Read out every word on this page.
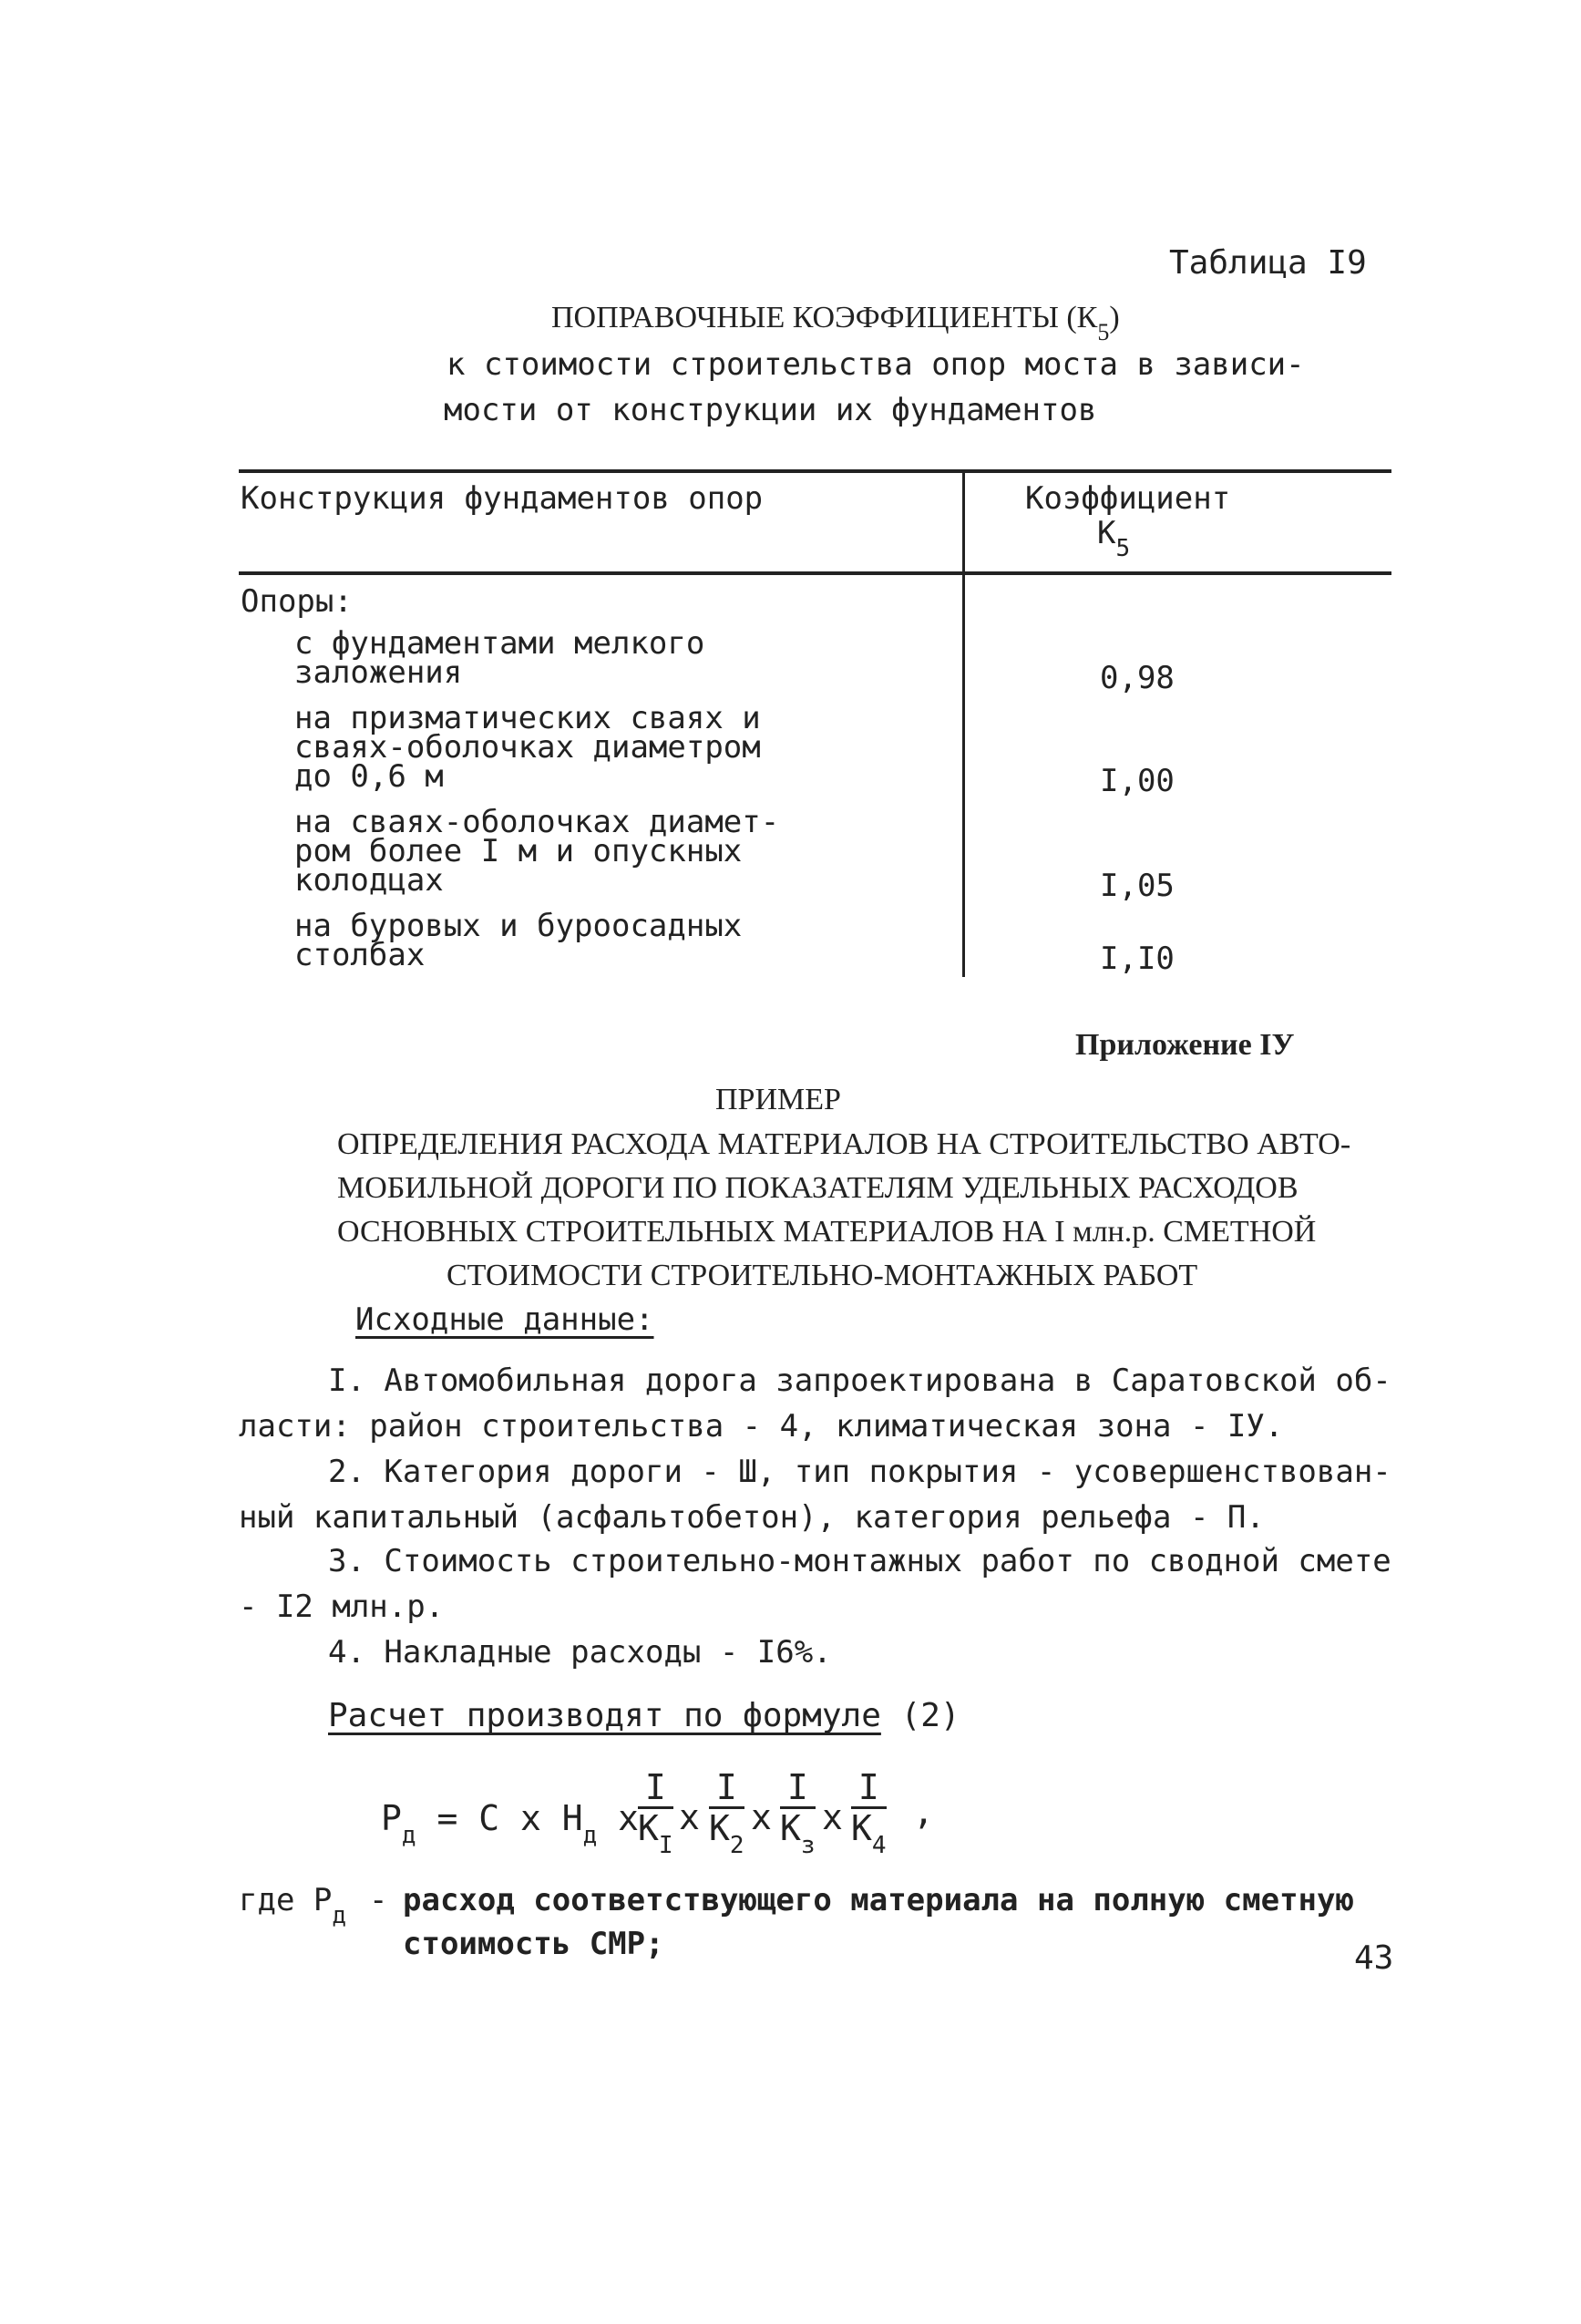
Таблица I9
ПОПРАВОЧНЫЕ КОЭФФИЦИЕНТЫ $(К_5)$
к стоимости строительства опор моста в зависи-
мости от конструкции их фундаментов
Конструкция фундаментов опор	Коэффициент
$К_5$
Опоры:
с фундаментами мелкого
заложения	0,98
на призматических сваях и
сваях-оболочках диаметром
до 0,6 м	I,00
на сваях-оболочках диамет-
ром более I м и опускных
колодцах	I,05
на буровых и буроосадных
столбах	I,I0
Приложение IУ
ПРИМЕР
ОПРЕДЕЛЕНИЯ РАСХОДА МАТЕРИАЛОВ НА СТРОИТЕЛЬСТВО АВТО-
МОБИЛЬНОЙ ДОРОГИ ПО ПОКАЗАТЕЛЯМ УДЕЛЬНЫХ РАСХОДОВ
ОСНОВНЫХ СТРОИТЕЛЬНЫХ МАТЕРИАЛОВ НА I млн.р. СМЕТНОЙ
СТОИМОСТИ СТРОИТЕЛЬНО-МОНТАЖНЫХ РАБОТ
Исходные данные:
I. Автомобильная дорога запроектирована в Саратовской об-
ласти: район строительства - 4, климатическая зона - IУ.
2. Категория дороги - Ш, тип покрытия - усовершенствован-
ный капитальный (асфальтобетон), категория рельефа - П.
3. Стоимость строительно-монтажных работ по сводной смете
- I2 млн.р.
4. Накладные расходы - I6%.
Расчет производят по формуле (2)
$Р_д = С$ х $Н_д$ х
I
$К_I$
х
I
$К_2$
х
I
$К_з$
х
I
$К_4$
,
где $Р_д$ - расход соответствующего материала на полную сметную
стоимость СМР;	43
